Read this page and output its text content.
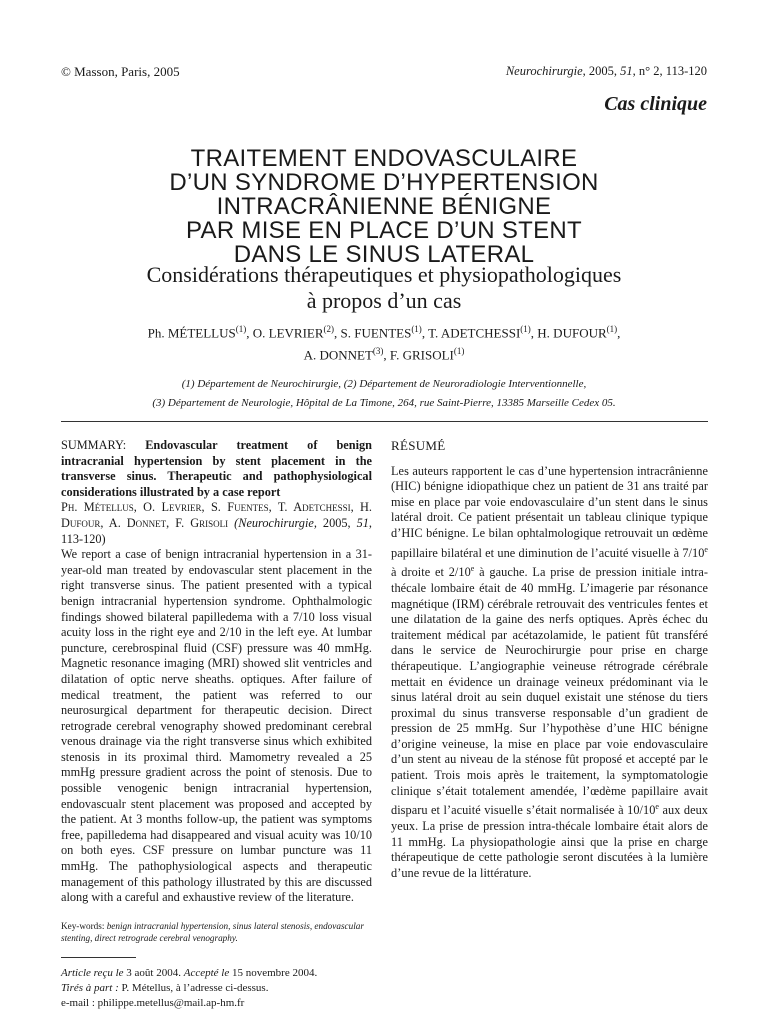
© Masson, Paris, 2005	Neurochirurgie, 2005, 51, n° 2, 113-120
Cas clinique
TRAITEMENT ENDOVASCULAIRE
D’UN SYNDROME D’HYPERTENSION
INTRACRÂNIENNE BÉNIGNE
PAR MISE EN PLACE D’UN STENT
DANS LE SINUS LATERAL
Considérations thérapeutiques et physiopathologiques
à propos d’un cas
Ph. MÉTELLUS$^{(1)}$, O. LEVRIER$^{(2)}$, S. FUENTES$^{(1)}$, T. ADETCHESSI$^{(1)}$, H. DUFOUR$^{(1)}$,
A. DONNET$^{(3)}$, F. GRISOLI$^{(1)}$
(1) Département de Neurochirurgie, (2) Département de Neuroradiologie Interventionnelle,
(3) Département de Neurologie, Hôpital de La Timone, 264, rue Saint-Pierre, 13385 Marseille Cedex 05.

SUMMARY: Endovascular treatment of benign intracranial hypertension by stent placement in the transverse sinus. Therapeutic and pathophysiological considerations illustrated by a case report

Ph. Métellus, O. Levrier, S. Fuentes, T. Adetchessi, H. Dufour, A. Donnet, F. Grisoli (Neurochirurgie, 2005, 51, 113-120)

We report a case of benign intracranial hypertension in a 31-year-old man treated by endovascular stent placement in the right transverse sinus. The patient presented with a typical benign intracranial hypertension syndrome. Ophthalmologic findings showed bilateral papilledema with a 7/10 loss visual acuity loss in the right eye and 2/10 in the left eye. At lumbar puncture, cerebrospinal fluid (CSF) pressure was 40 mmHg. Magnetic resonance imaging (MRI) showed slit ventricles and dilatation of optic nerve sheaths. optiques. After failure of medical treatment, the patient was referred to our neurosurgical department for therapeutic decision. Direct retrograde cerebral venography showed predominant cerebral venous drainage via the right transverse sinus which exhibited stenosis in its proximal third. Mamometry revealed a 25 mmHg pressure gradient across the point of stenosis. Due to possible venogenic benign intracranial hypertension, endovascualr stent placement was proposed and accepted by the patient. At 3 months follow-up, the patient was symptoms free, papilledema had disappeared and visual acuity was 10/10 on both eyes. CSF pressure on lumbar puncture was 11 mmHg. The pathophysiological aspects and therapeutic management of this pathology illustrated by this are discussed along with a careful and exhaustive review of the literature.

Key-words: benign intracranial hypertension, sinus lateral stenosis, endovascular stenting, direct retrograde cerebral venography.
Article reçu le 3 août 2004. Accepté le 15 novembre 2004.
Tirés à part : P. Métellus, à l’adresse ci-dessus.
e-mail : philippe.metellus@mail.ap-hm.fr
RÉSUMÉ

Les auteurs rapportent le cas d’une hypertension intracrânienne (HIC) bénigne idiopathique chez un patient de 31 ans traité par mise en place par voie endovasculaire d’un stent dans le sinus latéral droit. Ce patient présentait un tableau clinique typique d’HIC bénigne. Le bilan ophtalmologique retrouvait un œdème papillaire bilatéral et une diminution de l’acuité visuelle à 7/10e à droite et 2/10e à gauche. La prise de pression initiale intra-thécale lombaire était de 40 mmHg. L’imagerie par résonance magnétique (IRM) cérébrale retrouvait des ventricules fentes et une dilatation de la gaine des nerfs optiques. Après échec du traitement médical par acétazolamide, le patient fût transféré dans le service de Neurochirurgie pour prise en charge thérapeutique. L’angiographie veineuse rétrograde cérébrale mettait en évidence un drainage veineux prédominant via le sinus latéral droit au sein duquel existait une sténose du tiers proximal du sinus transverse responsable d’un gradient de pression de 25 mmHg. Sur l’hypothèse d’une HIC bénigne d’origine veineuse, la mise en place par voie endovasculaire d’un stent au niveau de la sténose fût proposé et accepté par le patient. Trois mois après le traitement, la symptomatologie clinique s’était totalement amendée, l’œdème papillaire avait disparu et l’acuité visuelle s’était normalisée à 10/10e aux deux yeux. La prise de pression intra-thécale lombaire était alors de 11 mmHg. La physiopathologie ainsi que la prise en charge thérapeutique de cette pathologie seront discutées à la lumière d’une revue de la littérature.
